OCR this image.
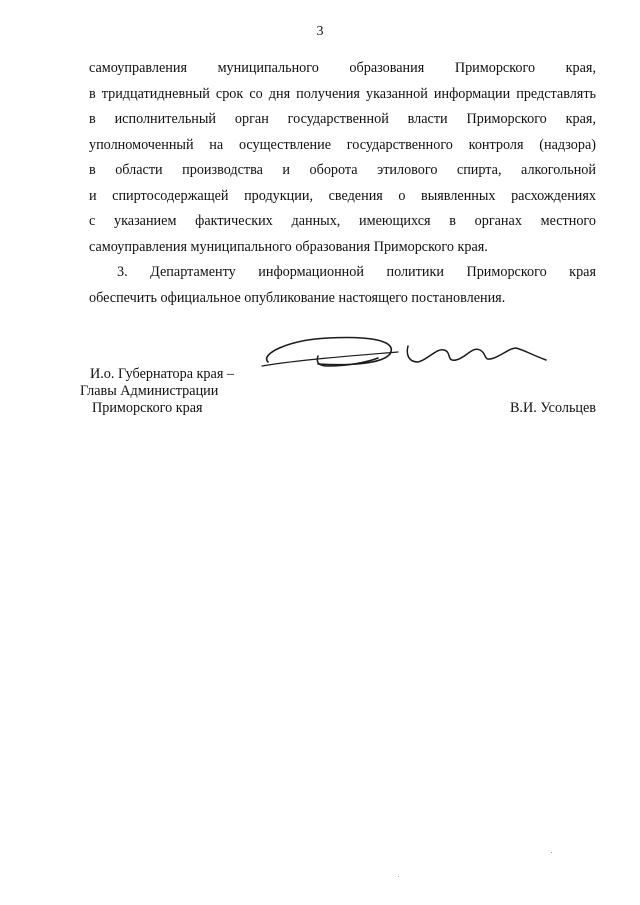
3

самоуправления муниципального образования Приморского края,
в тридцатидневный срок со дня получения указанной информации представлять
в исполнительный орган государственной власти Приморского края,
уполномоченный на осуществление государственного контроля (надзора)
в области производства и оборота этилового спирта, алкогольной
и спиртосодержащей продукции, сведения о выявленных расхождениях
с указанием фактических данных, имеющихся в органах местного
самоуправления муниципального образования Приморского края.

3. Департаменту информационной политики Приморского края
обеспечить официальное опубликование настоящего постановления.

И.о. Губернатора края –
Главы Администрации
Приморского края	В.И. Усольцев
